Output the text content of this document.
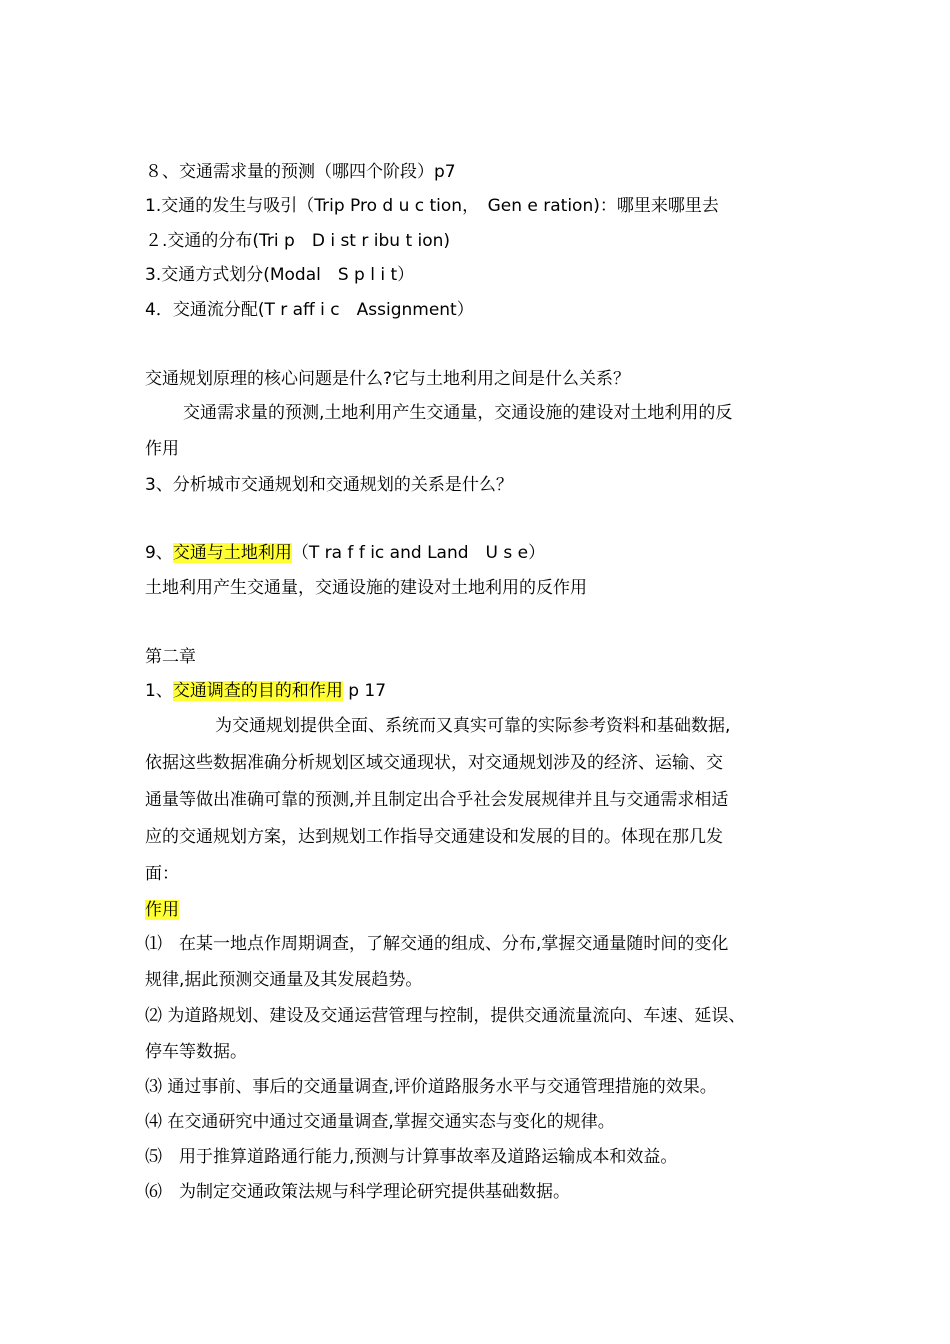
８、交通需求量的预测（哪四个阶段）p7

1.交通的发生与吸引（Trip Pro d u c tion，　Gen e ration)：哪里来哪里去

２.交通的分布(Tri p　D i st r ibu t ion)

3.交通方式划分(Modal　S p l i t）

4．交通流分配(T r aff i c　Assignment）

交通规划原理的核心问题是什么?它与土地利用之间是什么关系？

交通需求量的预测,土地利用产生交通量，交通设施的建设对土地利用的反

作用

3、分析城市交通规划和交通规划的关系是什么？

9、交通与土地利用（T ra f f ic and Land　U s e）

土地利用产生交通量，交通设施的建设对土地利用的反作用

第二章

1、交通调查的目的和作用 p 17

为交通规划提供全面、系统而又真实可靠的实际参考资料和基础数据,

依据这些数据准确分析规划区域交通现状，对交通规划涉及的经济、运输、交

通量等做出准确可靠的预测,并且制定出合乎社会发展规律并且与交通需求相适

应的交通规划方案，达到规划工作指导交通建设和发展的目的。体现在那几发

面：

作用

⑴　在某一地点作周期调查，了解交通的组成、分布,掌握交通量随时间的变化

规律,据此预测交通量及其发展趋势。

⑵ 为道路规划、建设及交通运营管理与控制，提供交通流量流向、车速、延误、

停车等数据。

⑶ 通过事前、事后的交通量调查,评价道路服务水平与交通管理措施的效果。

⑷ 在交通研究中通过交通量调查,掌握交通实态与变化的规律。

⑸　用于推算道路通行能力,预测与计算事故率及道路运输成本和效益。

⑹　为制定交通政策法规与科学理论研究提供基础数据。
